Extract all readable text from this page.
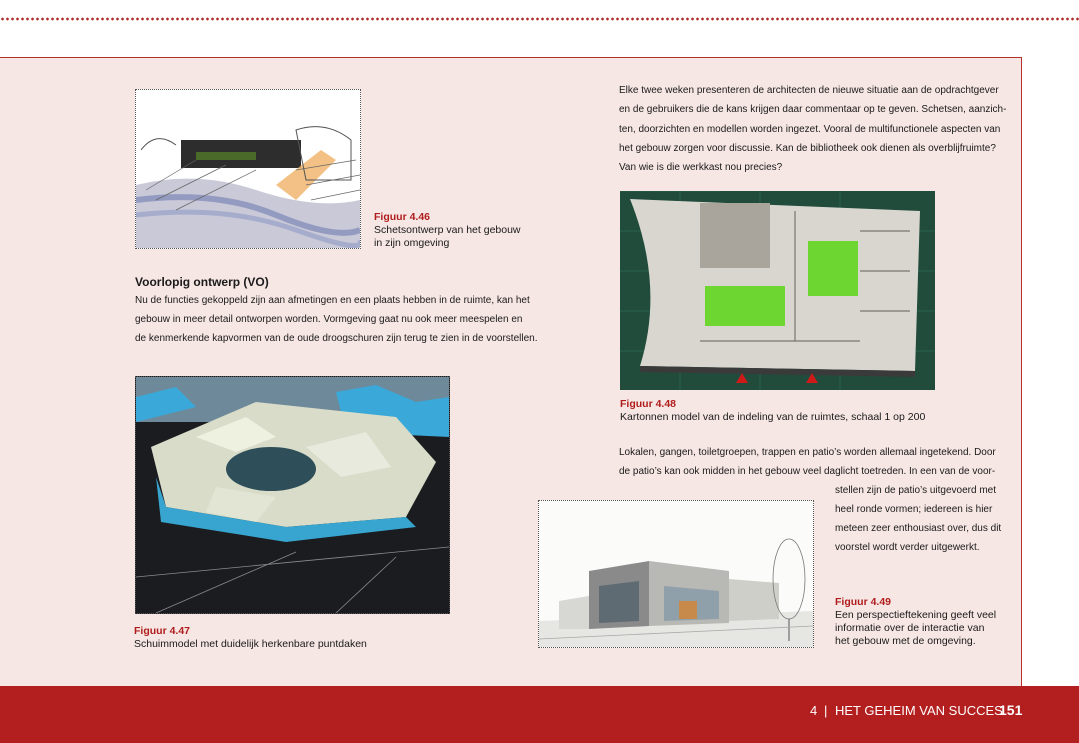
Figuur 4.46
Schetsontwerp van het gebouw
in zijn omgeving
Voorlopig ontwerp (VO)
Nu de functies gekoppeld zijn aan afmetingen en een plaats hebben in de ruimte, kan het
gebouw in meer detail ontworpen worden. Vormgeving gaat nu ook meer meespelen en
de kenmerkende kapvormen van de oude droogschuren zijn terug te zien in de voorstellen.
Figuur 4.47
Schuimmodel met duidelijk herkenbare puntdaken
Elke twee weken presenteren de architecten de nieuwe situatie aan de opdrachtgever
en de gebruikers die de kans krijgen daar commentaar op te geven. Schetsen, aanzich-
ten, doorzichten en modellen worden ingezet. Vooral de multifunctionele aspecten van
het gebouw zorgen voor discussie. Kan de bibliotheek ook dienen als overblijfruimte?
Van wie is die werkkast nou precies?
Figuur 4.48
Kartonnen model van de indeling van de ruimtes, schaal 1 op 200
Lokalen, gangen, toiletgroepen, trappen en patio’s worden allemaal ingetekend. Door
de patio’s kan ook midden in het gebouw veel daglicht toetreden. In een van de voor-
stellen zijn de patio’s uitgevoerd met
heel ronde vormen; iedereen is hier
meteen zeer enthousiast over, dus dit
voorstel wordt verder uitgewerkt.
Figuur 4.49
Een perspectieftekening geeft veel
informatie over de interactie van
het gebouw met de omgeving.
4 | HET GEHEIM VAN SUCCES
151
